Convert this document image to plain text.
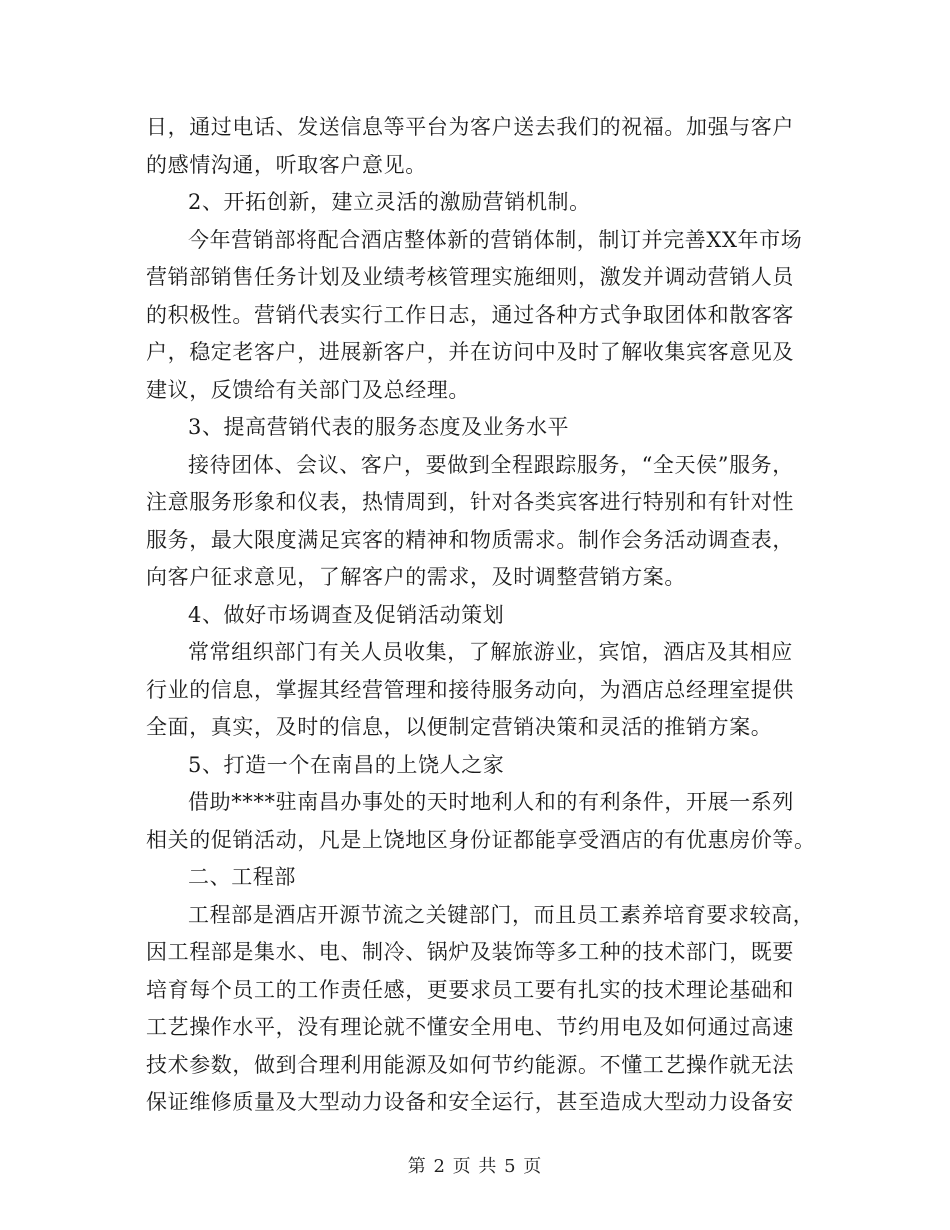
日，通过电话、发送信息等平台为客户送去我们的祝福。加强与客户
的感情沟通，听取客户意见。
2、开拓创新，建立灵活的激励营销机制。
今年营销部将配合酒店整体新的营销体制，制订并完善XX年市场
营销部销售任务计划及业绩考核管理实施细则，激发并调动营销人员
的积极性。营销代表实行工作日志，通过各种方式争取团体和散客客
户，稳定老客户，进展新客户，并在访问中及时了解收集宾客意见及
建议，反馈给有关部门及总经理。
3、提高营销代表的服务态度及业务水平
接待团体、会议、客户，要做到全程跟踪服务，“全天侯”服务，
注意服务形象和仪表，热情周到，针对各类宾客进行特别和有针对性
服务，最大限度满足宾客的精神和物质需求。制作会务活动调查表，
向客户征求意见，了解客户的需求，及时调整营销方案。
4、做好市场调查及促销活动策划
常常组织部门有关人员收集，了解旅游业，宾馆，酒店及其相应
行业的信息，掌握其经营管理和接待服务动向，为酒店总经理室提供
全面，真实，及时的信息，以便制定营销决策和灵活的推销方案。
5、打造一个在南昌的上饶人之家
借助****驻南昌办事处的天时地利人和的有利条件，开展一系列
相关的促销活动，凡是上饶地区身份证都能享受酒店的有优惠房价等。
二、工程部
工程部是酒店开源节流之关键部门，而且员工素养培育要求较高，
因工程部是集水、电、制冷、锅炉及装饰等多工种的技术部门，既要
培育每个员工的工作责任感，更要求员工要有扎实的技术理论基础和
工艺操作水平，没有理论就不懂安全用电、节约用电及如何通过高速
技术参数，做到合理利用能源及如何节约能源。不懂工艺操作就无法
保证维修质量及大型动力设备和安全运行，甚至造成大型动力设备安
第 2 页 共 5 页
